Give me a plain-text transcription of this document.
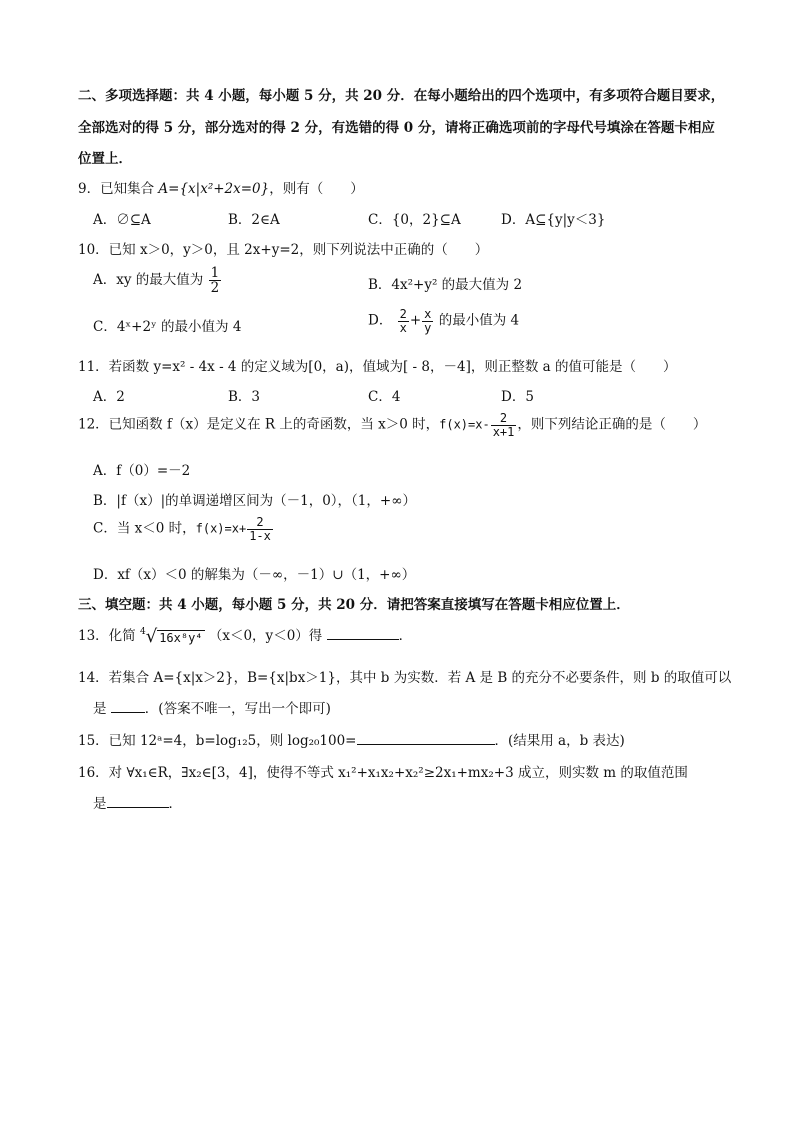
二、多项选择题：共 4 小题，每小题 5 分，共 20 分．在每小题给出的四个选项中，有多项符合题目要求，
全部选对的得 5 分，部分选对的得 2 分，有选错的得 0 分，请将正确选项前的字母代号填涂在答题卡相应
位置上．
9．已知集合 A={x|x²+2x=0}，则有（　　）
A．∅⊆A	B．2∈A	C．{0，2}⊆A	D．A⊆{y|y＜3}
10．已知 x＞0，y＞0，且 2x+y=2，则下列说法中正确的（　　）
A．xy 的最大值为 $\frac{1}{2}$	B．4x²+y² 的最大值为 2
C．4ˣ+2ʸ 的最小值为 4	D． $\frac{2}{x} + \frac{x}{y}$ 的最小值为 4
11．若函数 y=x² - 4x - 4 的定义域为[0，a)，值域为[ - 8，－4]，则正整数 a 的值可能是（　　）
A．2	B．3	C．4	D．5
12．已知函数 f（x）是定义在 R 上的奇函数，当 x＞0 时，$f(x)=x- \frac{2}{x+1}$ ，则下列结论正确的是（　　）
A．f（0）=－2
B．|f（x）|的单调递增区间为（－1，0），（1，+∞）
C．当 x＜0 时，$f(x)=x+ \frac{2}{1-x}$
D．xf（x）＜0 的解集为（－∞，－1）∪（1，+∞）
三、填空题：共 4 小题，每小题 5 分，共 20 分．请把答案直接填写在答题卡相应位置上．
13．化简 $^4$√ 16x⁸y⁴ （x＜0，y＜0）得	．
14．若集合 A={x|x＞2}，B={x|bx＞1}，其中 b 为实数．若 A 是 B 的充分不必要条件，则 b 的取值可以
是	．(答案不唯一，写出一个即可)
15．已知 12ᵃ=4，b=log₁₂5，则 log₂₀100=	．(结果用 a，b 表达)
16．对 ∀x₁∈R，∃x₂∈[3，4]，使得不等式 x₁²+x₁x₂+x₂²≥2x₁+mx₂+3 成立，则实数 m 的取值范围
是	．
